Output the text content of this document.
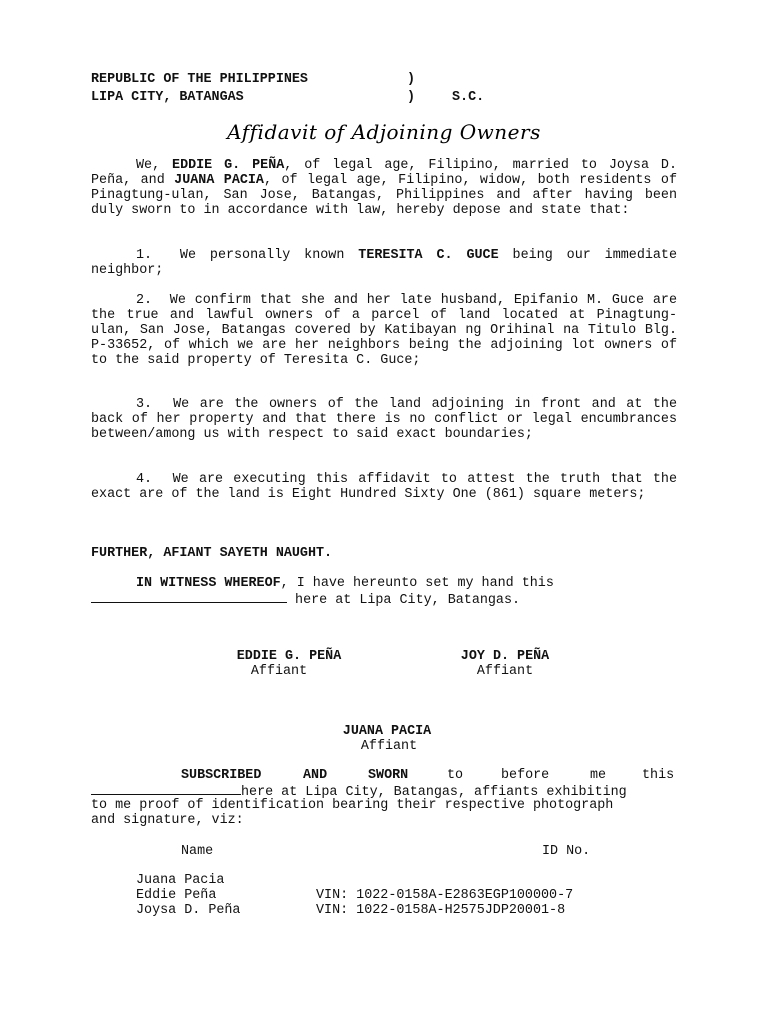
REPUBLIC OF THE PHILIPPINES	)
LIPA CITY, BATANGAS	)	S.C.
Affidavit of Adjoining Owners
We, EDDIE G. PEÑA, of legal age, Filipino, married to Joysa D. Peña, and JUANA PACIA, of legal age, Filipino, widow, both residents of Pinagtung-ulan, San Jose, Batangas, Philippines and after having been duly sworn to in accordance with law, hereby depose and state that:
1. We personally known TERESITA C. GUCE being our immediate neighbor;
2. We confirm that she and her late husband, Epifanio M. Guce are the true and lawful owners of a parcel of land located at Pinagtung-ulan, San Jose, Batangas covered by Katibayan ng Orihinal na Titulo Blg. P-33652, of which we are her neighbors being the adjoining lot owners of to the said property of Teresita C. Guce;
3. We are the owners of the land adjoining in front and at the back of her property and that there is no conflict or legal encumbrances between/among us with respect to said exact boundaries;
4. We are executing this affidavit to attest the truth that the exact are of the land is Eight Hundred Sixty One (861) square meters;
FURTHER, AFIANT SAYETH NAUGHT.
IN WITNESS WHEREOF, I have hereunto set my hand this
here at Lipa City, Batangas.
EDDIE G. PEÑA
Affiant
JOY D. PEÑA
Affiant
JUANA PACIA
Affiant
SUBSCRIBED	AND	SWORN	to	before	me	this
here at Lipa City, Batangas, affiants exhibiting
to me proof of identification bearing their respective photograph
and signature, viz:
Name	ID No.
Juana Pacia
Eddie Peña	VIN: 1022-0158A-E2863EGP100000-7
Joysa D. Peña	VIN: 1022-0158A-H2575JDP20001-8
